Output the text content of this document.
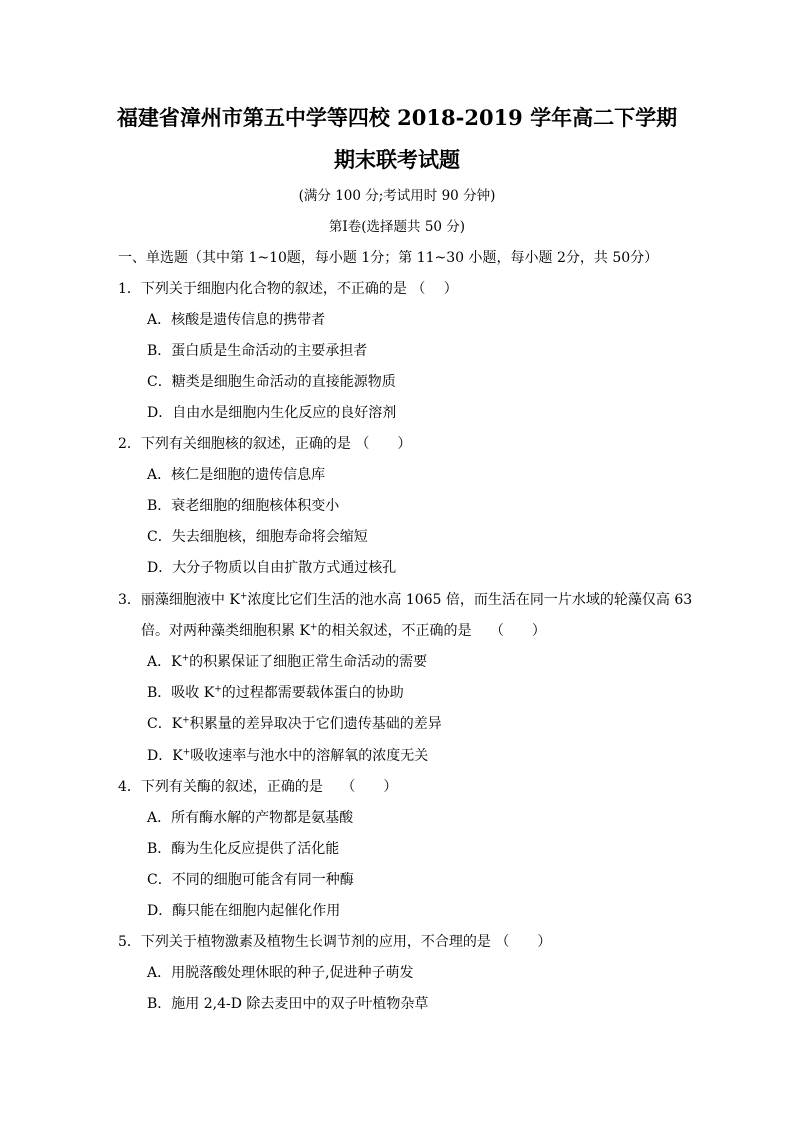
福建省漳州市第五中学等四校 2018-2019 学年高二下学期
期末联考试题
(满分 100 分;考试用时 90 分钟)
第Ⅰ卷(选择题共 50 分)
一、单选题（其中第 1~10题，每小题 1分；第 11~30 小题，每小题 2分，共 50分）
1．下列关于细胞内化合物的叙述，不正确的是 （　 ）
A．核酸是遗传信息的携带者
B．蛋白质是生命活动的主要承担者
C．糖类是细胞生命活动的直接能源物质
D．自由水是细胞内生化反应的良好溶剂
2．下列有关细胞核的叙述，正确的是 （　　）
A．核仁是细胞的遗传信息库
B．衰老细胞的细胞核体积变小
C．失去细胞核，细胞寿命将会缩短
D．大分子物质以自由扩散方式通过核孔
3．丽藻细胞液中 K+浓度比它们生活的池水高 1065 倍，而生活在同一片水域的轮藻仅高 63
倍。对两种藻类细胞积累 K+的相关叙述，不正确的是　 （　　）
A．K+的积累保证了细胞正常生命活动的需要
B．吸收 K+的过程都需要载体蛋白的协助
C．K+积累量的差异取决于它们遗传基础的差异
D．K+吸收速率与池水中的溶解氧的浓度无关
4．下列有关酶的叙述，正确的是　 （　　）
A．所有酶水解的产物都是氨基酸
B．酶为生化反应提供了活化能
C．不同的细胞可能含有同一种酶
D．酶只能在细胞内起催化作用
5．下列关于植物激素及植物生长调节剂的应用，不合理的是 （　　）
A．用脱落酸处理休眠的种子,促进种子萌发
B．施用 2,4-D 除去麦田中的双子叶植物杂草
